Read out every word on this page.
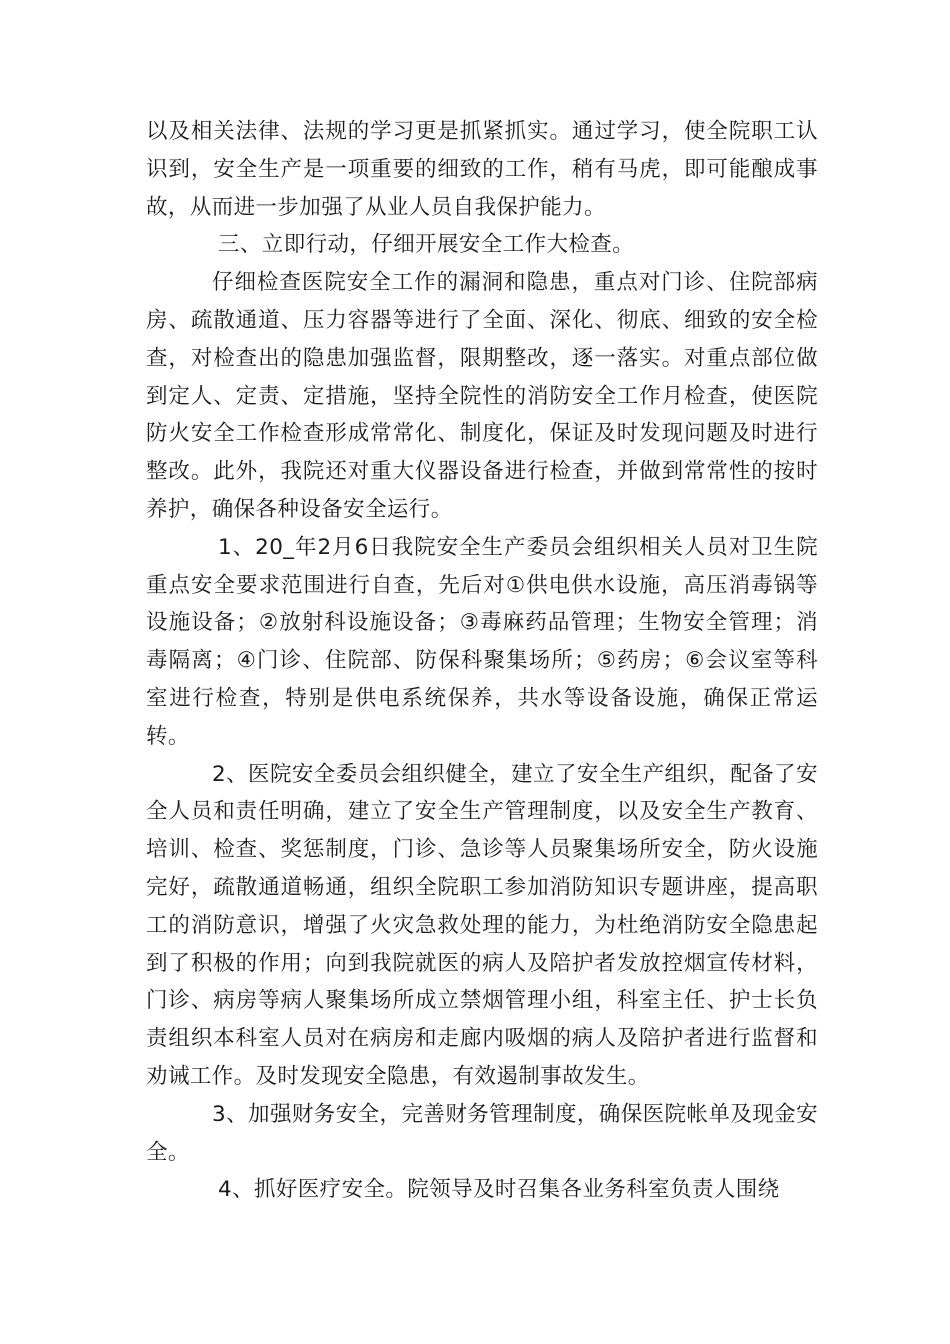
以及相关法律、法规的学习更是抓紧抓实。通过学习，使全院职工认识到，安全生产是一项重要的细致的工作，稍有马虎，即可能酿成事故，从而进一步加强了从业人员自我保护能力。

三、立即行动，仔细开展安全工作大检查。

仔细检查医院安全工作的漏洞和隐患，重点对门诊、住院部病房、疏散通道、压力容器等进行了全面、深化、彻底、细致的安全检查，对检查出的隐患加强监督，限期整改，逐一落实。对重点部位做到定人、定责、定措施，坚持全院性的消防安全工作月检查，使医院防火安全工作检查形成常常化、制度化，保证及时发现问题及时进行整改。此外，我院还对重大仪器设备进行检查，并做到常常性的按时养护，确保各种设备安全运行。

1、20_年2月6日我院安全生产委员会组织相关人员对卫生院重点安全要求范围进行自查，先后对①供电供水设施，高压消毒锅等设施设备；②放射科设施设备；③毒麻药品管理；生物安全管理；消毒隔离；④门诊、住院部、防保科聚集场所；⑤药房；⑥会议室等科室进行检查，特别是供电系统保养，共水等设备设施，确保正常运转。

2、医院安全委员会组织健全，建立了安全生产组织，配备了安全人员和责任明确，建立了安全生产管理制度，以及安全生产教育、培训、检查、奖惩制度，门诊、急诊等人员聚集场所安全，防火设施完好，疏散通道畅通，组织全院职工参加消防知识专题讲座，提高职工的消防意识，增强了火灾急救处理的能力，为杜绝消防安全隐患起到了积极的作用；向到我院就医的病人及陪护者发放控烟宣传材料，门诊、病房等病人聚集场所成立禁烟管理小组，科室主任、护士长负责组织本科室人员对在病房和走廊内吸烟的病人及陪护者进行监督和劝诫工作。及时发现安全隐患，有效遏制事故发生。

3、加强财务安全，完善财务管理制度，确保医院帐单及现金安全。

4、抓好医疗安全。院领导及时召集各业务科室负责人围绕
